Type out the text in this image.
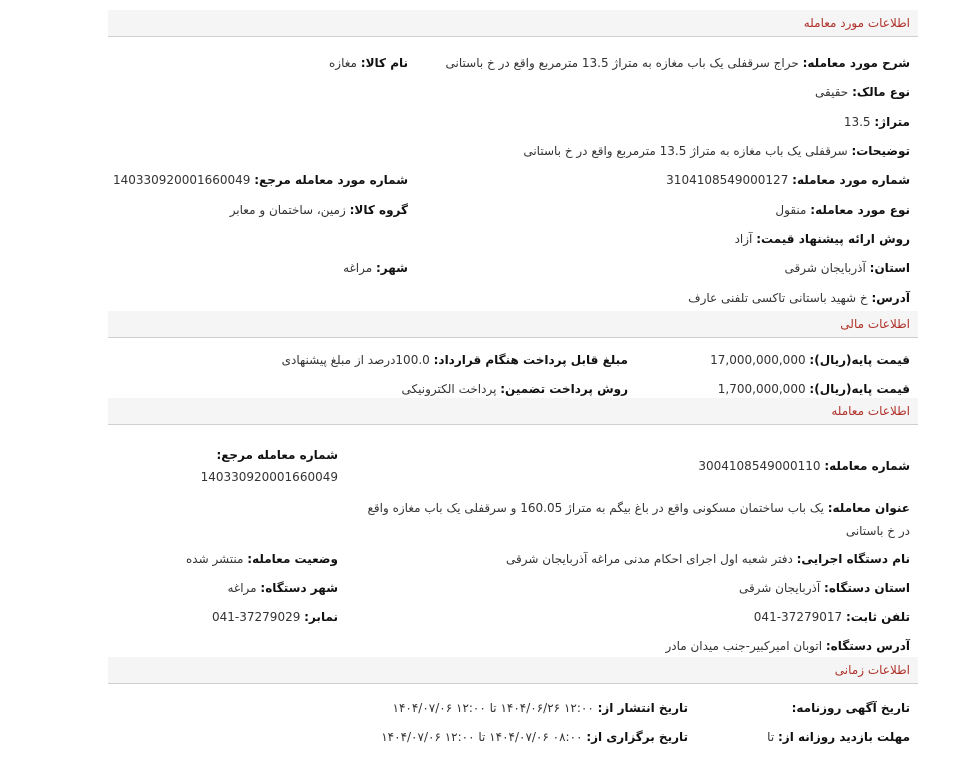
اطلاعات مورد معامله
شرح مورد معامله: حراج سرقفلی یک باب مغازه به متراژ 13.5 مترمربع واقع در خ باستانی
نام کالا: مغازه
نوع مالک: حقیقی
متراژ: 13.5
توضیحات: سرقفلی یک باب مغازه به متراژ 13.5 مترمربع واقع در خ باستانی
شماره مورد معامله: 3104108549000127
شماره مورد معامله مرجع: 140330920001660049
نوع مورد معامله: منقول
گروه کالا: زمین، ساختمان و معابر
روش ارائه پیشنهاد قیمت: آزاد
استان: آذربایجان شرقی
شهر: مراغه
آدرس: خ شهید باستانی تاکسی تلفنی عارف
اطلاعات مالی
قیمت پایه(ریال): 17,000,000,000
مبلغ قابل پرداخت هنگام قرارداد: 100.0درصد از مبلغ پیشنهادی
قیمت پایه(ریال): 1,700,000,000
روش پرداخت تضمین: پرداخت الکترونیکی
اطلاعات معامله
شماره معامله: 3004108549000110
شماره معامله مرجع:
140330920001660049
عنوان معامله: یک باب ساختمان مسکونی واقع در باغ بیگم به متراژ 160.05 و سرقفلی یک باب مغازه واقع
در خ باستانی
نام دستگاه اجرایی: دفتر شعبه اول اجرای احکام مدنی مراغه آذربایجان شرقی
وضعیت معامله: منتشر شده
استان دستگاه: آذربایجان شرقی
شهر دستگاه: مراغه
تلفن ثابت: 37279017-041
نمابر: 37279029-041
آدرس دستگاه: اتوبان امیرکبیر-جنب میدان مادر
اطلاعات زمانی
تاریخ آگهی روزنامه:
تاریخ انتشار از: ۱۲:۰۰ ۱۴۰۴/۰۶/۲۶ تا ۱۲:۰۰ ۱۴۰۴/۰۷/۰۶
مهلت بازدید روزانه از: تا
تاریخ برگزاری از: ۰۸:۰۰ ۱۴۰۴/۰۷/۰۶ تا ۱۲:۰۰ ۱۴۰۴/۰۷/۰۶
